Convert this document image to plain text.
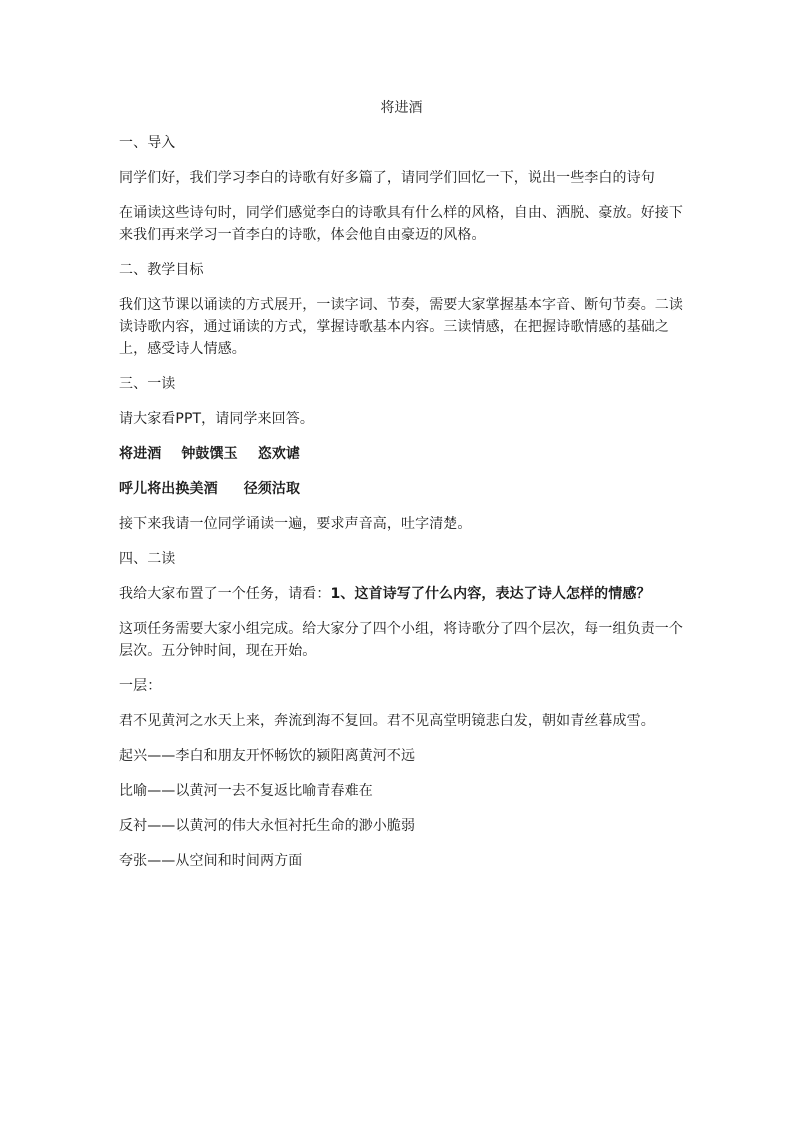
将进酒
一、导入
同学们好，我们学习李白的诗歌有好多篇了，请同学们回忆一下，说出一些李白的诗句
在诵读这些诗句时，同学们感觉李白的诗歌具有什么样的风格，自由、洒脱、豪放。好接下来我们再来学习一首李白的诗歌，体会他自由豪迈的风格。
二、教学目标
我们这节课以诵读的方式展开，一读字词、节奏，需要大家掌握基本字音、断句节奏。二读读诗歌内容，通过诵读的方式，掌握诗歌基本内容。三读情感，在把握诗歌情感的基础之上，感受诗人情感。
三、一读
请大家看PPT，请同学来回答。
将进酒 钟鼓馔玉 恣欢谑
呼儿将出换美酒 径须沽取
接下来我请一位同学诵读一遍，要求声音高，吐字清楚。
四、二读
我给大家布置了一个任务，请看：1、这首诗写了什么内容，表达了诗人怎样的情感？
这项任务需要大家小组完成。给大家分了四个小组，将诗歌分了四个层次，每一组负责一个层次。五分钟时间，现在开始。
一层：
君不见黄河之水天上来，奔流到海不复回。君不见高堂明镜悲白发，朝如青丝暮成雪。
起兴——李白和朋友开怀畅饮的颍阳离黄河不远
比喻——以黄河一去不复返比喻青春难在
反衬——以黄河的伟大永恒衬托生命的渺小脆弱
夸张——从空间和时间两方面
